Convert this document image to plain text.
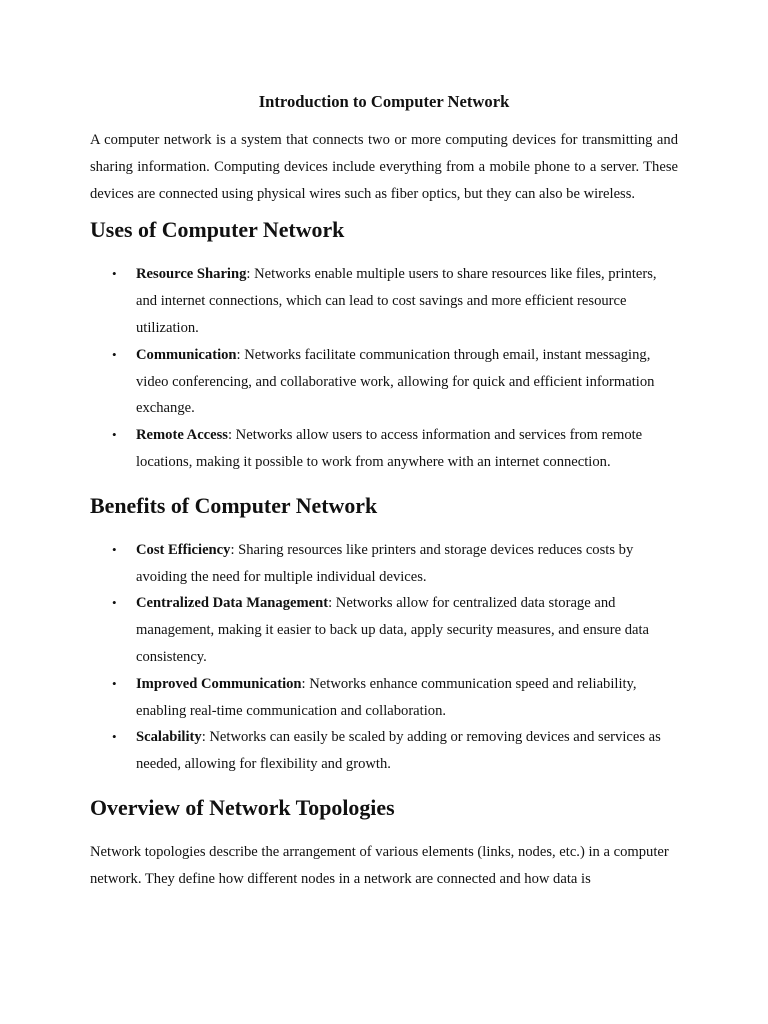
Introduction to Computer Network

A computer network is a system that connects two or more computing devices for transmitting and sharing information. Computing devices include everything from a mobile phone to a server. These devices are connected using physical wires such as fiber optics, but they can also be wireless.

Uses of Computer Network
• Resource Sharing: Networks enable multiple users to share resources like files, printers, and internet connections, which can lead to cost savings and more efficient resource utilization.
• Communication: Networks facilitate communication through email, instant messaging, video conferencing, and collaborative work, allowing for quick and efficient information exchange.
• Remote Access: Networks allow users to access information and services from remote locations, making it possible to work from anywhere with an internet connection.
Benefits of Computer Network
• Cost Efficiency: Sharing resources like printers and storage devices reduces costs by avoiding the need for multiple individual devices.
• Centralized Data Management: Networks allow for centralized data storage and management, making it easier to back up data, apply security measures, and ensure data consistency.
• Improved Communication: Networks enhance communication speed and reliability, enabling real-time communication and collaboration.
• Scalability: Networks can easily be scaled by adding or removing devices and services as needed, allowing for flexibility and growth.
Overview of Network Topologies

Network topologies describe the arrangement of various elements (links, nodes, etc.) in a computer network. They define how different nodes in a network are connected and how data is
